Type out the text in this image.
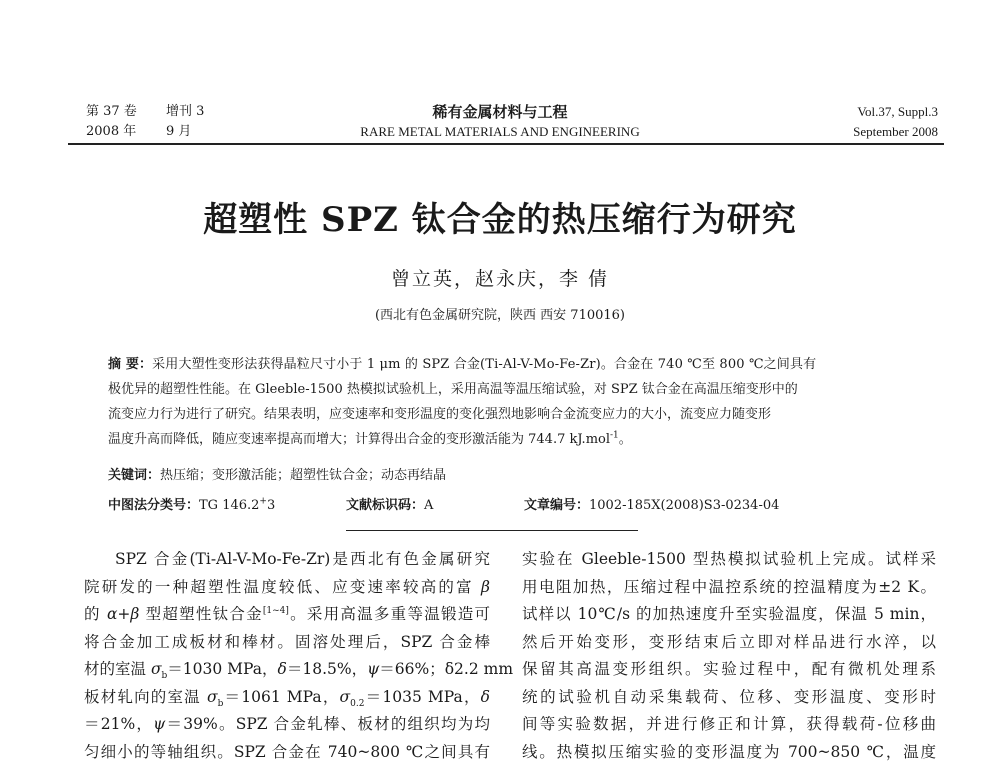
第 37 卷 增刊 3
2008 年 9 月
稀有金属材料与工程
RARE METAL MATERIALS AND ENGINEERING
Vol.37, Suppl.3
September 2008
超塑性 SPZ 钛合金的热压缩行为研究
曾立英，赵永庆，李 倩
(西北有色金属研究院，陕西 西安 710016)
摘 要：采用大塑性变形法获得晶粒尺寸小于 1 μm 的 SPZ 合金(Ti-Al-V-Mo-Fe-Zr)。合金在 740 ℃至 800 ℃之间具有
极优异的超塑性性能。在 Gleeble-1500 热模拟试验机上，采用高温等温压缩试验，对 SPZ 钛合金在高温压缩变形中的
流变应力行为进行了研究。结果表明，应变速率和变形温度的变化强烈地影响合金流变应力的大小，流变应力随变形
温度升高而降低，随应变速率提高而增大；计算得出合金的变形激活能为 744.7 kJ.mol$^{-1}$。
关键词：热压缩；变形激活能；超塑性钛合金；动态再结晶
中图法分类号：TG 146.2+3	文献标识码：A	文章编号：1002-185X(2008)S3-0234-04
SPZ 合金(Ti-Al-V-Mo-Fe-Zr)是西北有色金属研究
院研发的一种超塑性温度较低、应变速率较高的富 β
的 α+β 型超塑性钛合金[1~4]。采用高温多重等温锻造可
将合金加工成板材和棒材。固溶处理后，SPZ 合金棒
材的室温 $\sigma_b=1030$ MPa，δ＝18.5%，ψ＝66%；δ2.2 mm
板材轧向的室温 $\sigma_b=1061$ MPa，$\sigma_{0.2}=1035$ MPa，δ
＝21%，ψ＝39%。SPZ 合金轧棒、板材的组织均为均
匀细小的等轴组织。SPZ 合金在 740~800 ℃之间具有
实验在 Gleeble-1500 型热模拟试验机上完成。试样采
用电阻加热，压缩过程中温控系统的控温精度为±2 K。
试样以 10℃/s 的加热速度升至实验温度，保温 5 min，
然后开始变形，变形结束后立即对样品进行水淬，以
保留其高温变形组织。实验过程中，配有微机处理系
统的试验机自动采集载荷、位移、变形温度、变形时
间等实验数据，并进行修正和计算，获得载荷-位移曲
线。热模拟压缩实验的变形温度为 700~850 ℃，温度
